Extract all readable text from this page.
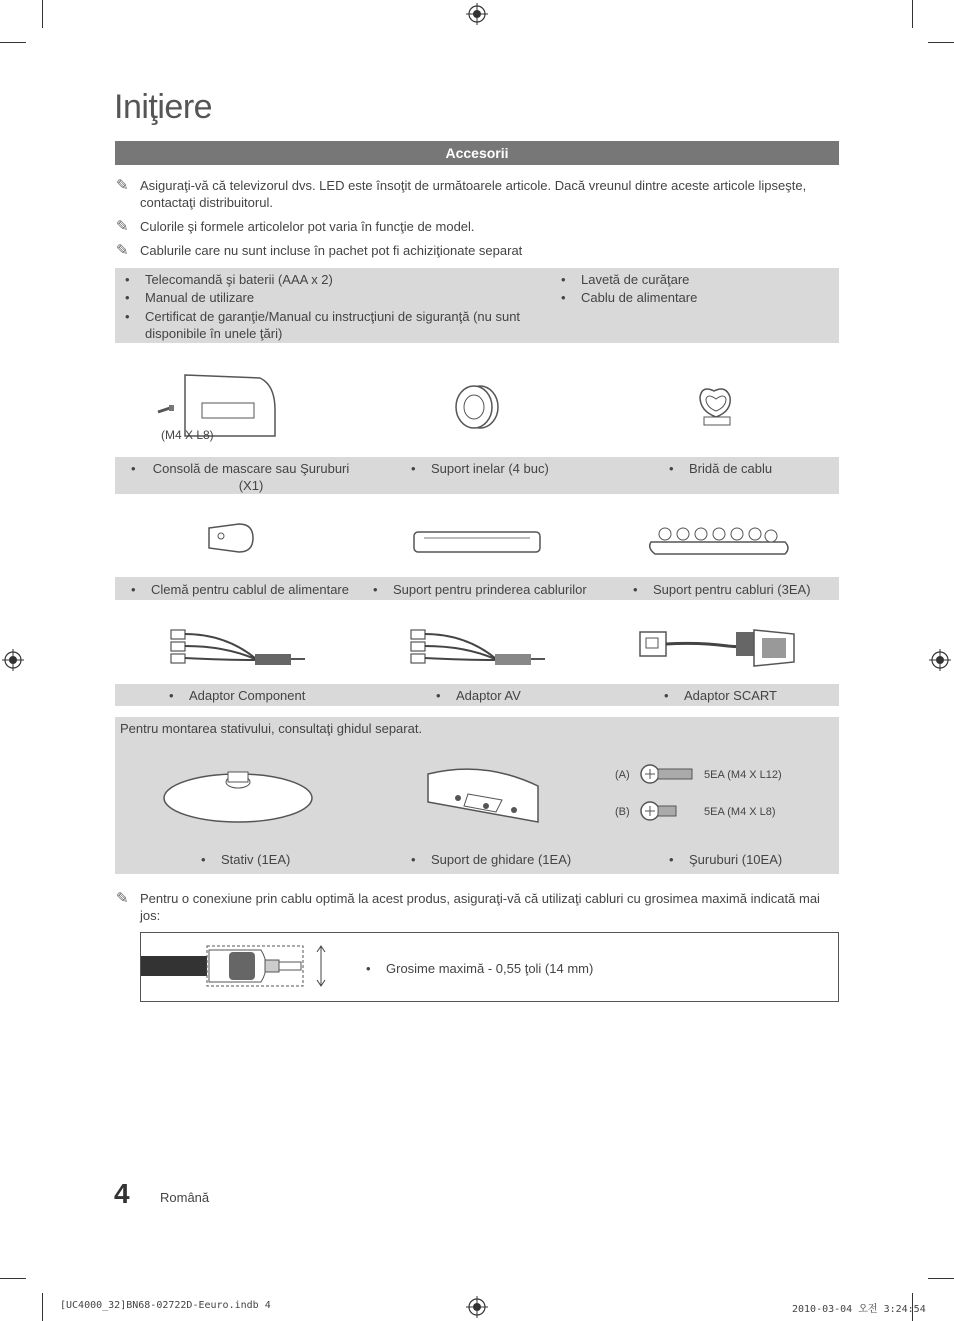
Iniţiere
Accesorii
✎ Asiguraţi-vă că televizorul dvs. LED este însoţit de următoarele articole. Dacă vreunul dintre aceste articole lipseşte, contactaţi distribuitorul.
✎ Culorile şi formele articolelor pot varia în funcţie de model.
✎ Cablurile care nu sunt incluse în pachet pot fi achiziţionate separat
• Telecomandă şi baterii (AAA x 2)
• Manual de utilizare
• Certificat de garanţie/Manual cu instrucţiuni de siguranţă (nu sunt disponibile în unele ţări)
• Lavetă de curăţare
• Cablu de alimentare
(M4 X L8)
• Consolă de mascare sau Şuruburi (X1)
• Suport inelar (4 buc)	• Bridă de cablu
• Clemă pentru cablul de alimentare • Suport pentru prinderea cablurilor	• Suport pentru cabluri (3EA)
• Adaptor Component	• Adaptor AV	• Adaptor SCART
Pentru montarea stativului, consultaţi ghidul separat.
(A)	5EA (M4 X L12)
(B)	5EA (M4 X L8)
• Stativ (1EA)	• Suport de ghidare (1EA)	• Şuruburi (10EA)
✎ Pentru o conexiune prin cablu optimă la acest produs, asiguraţi-vă că utilizaţi cabluri cu grosimea maximă indicată mai jos:
• Grosime maximă - 0,55 ţoli (14 mm)
4 Română
[UC4000_32]BN68-02722D-Eeuro.indb 4	2010-03-04 오전 3:24:54
